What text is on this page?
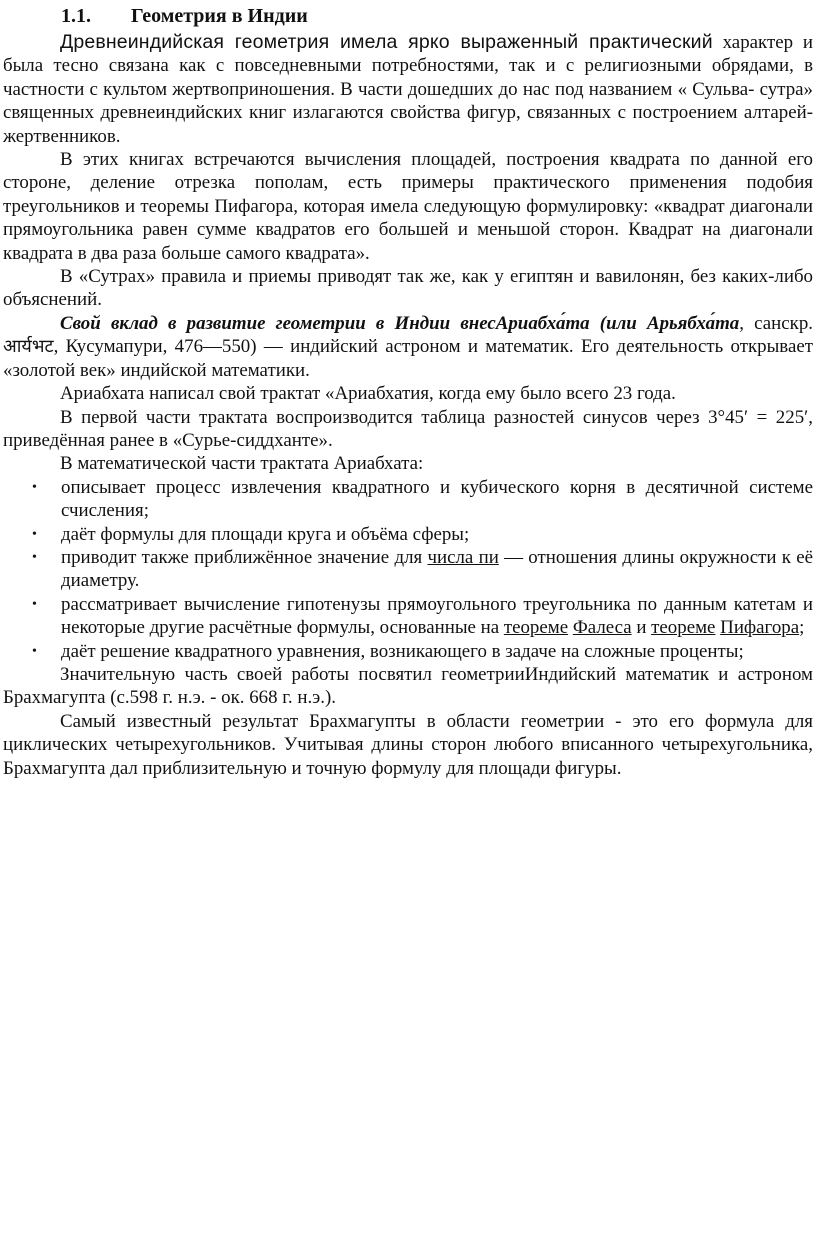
1.1. Геометрия в Индии

Древнеиндийская геометрия имела ярко выраженный практический характер и была тесно связана как с повседневными потребностями, так и с религиозными обрядами, в частности с культом жертвоприношения. В части дошедших до нас под названием « Сульва- сутра» священных древнеиндийских книг излагаются свойства фигур, связанных с построением алтарей-жертвенников.

В этих книгах встречаются вычисления площадей, построения квадрата по данной его стороне, деление отрезка пополам, есть примеры практического применения подобия треугольников и теоремы Пифагора, которая имела следующую формулировку: «квадрат диагонали прямоугольника равен сумме квадратов его большей и меньшой сторон. Квадрат на диагонали квадрата в два раза больше самого квадрата».

В «Сутрах» правила и приемы приводят так же, как у египтян и вавилонян, без каких-либо объяснений.

Свой вклад в развитие геометрии в Индии внесАриабха́та (или Арьябха́та, санскр. आर्यभट, Кусумапури, 476—550) — индийский астроном и математик. Его деятельность открывает «золотой век» индийской математики.

Ариабхата написал свой трактат «Ариабхатия, когда ему было всего 23 года.

В первой части трактата воспроизводится таблица разностей синусов через 3°45′ = 225′, приведённая ранее в «Сурье-сиддханте».

В математической части трактата Ариабхата:

• описывает процесс извлечения квадратного и кубического корня в десятичной системе счисления;
• даёт формулы для площади круга и объёма сферы;
• приводит также приближённое значение для числа пи — отношения длины окружности к её диаметру.
• рассматривает вычисление гипотенузы прямоугольного треугольника по данным катетам и некоторые другие расчётные формулы, основанные на теореме Фалеса и теореме Пифагора;
• даёт решение квадратного уравнения, возникающего в задаче на сложные проценты;

Значительную часть своей работы посвятил геометрииИндийский математик и астроном Брахмагупта (с.598 г. н.э. - ок. 668 г. н.э.).

Самый известный результат Брахмагупты в области геометрии - это его формула для циклических четырехугольников. Учитывая длины сторон любого вписанного четырехугольника, Брахмагупта дал приблизительную и точную формулу для площади фигуры.
